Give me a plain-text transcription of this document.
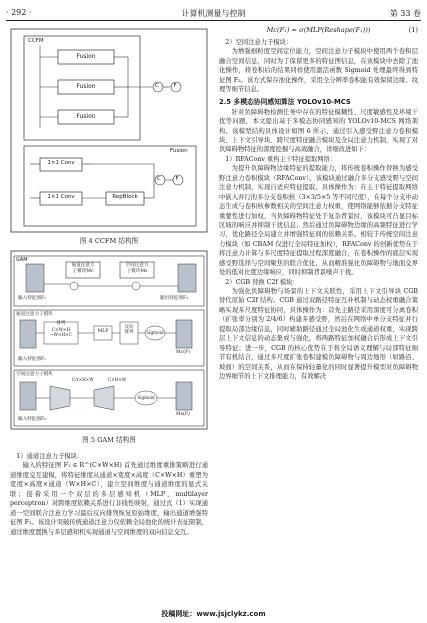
· 292 ·	计算机测量与控制	第 33 卷
CCFM
Fusion
Fusion
Fusion
C	F
Fusion
1×1 Conv
1×1 Conv	RepBlock
C	F
图 4 CCFM 结构图
GAM
通道注意力
子模块Mc
空间注意力
子模块Ms
输入特征图F₁	输出特征图F₃
通道注意力子模块
排列
C×W×H
→W×H×C
MLP
反向
排列	Sigmoid
Mc(F)
输入特征图F₁
空间注意力子模块
C/r×H×W	C×H×W
Sigmoid
Ms(F)
输入特征图F₂
图 5 GAM 结构图

1）通道注意力子模块：

输入的特征图 F₁ ∈ R^(C×W×H) 首先通过维度重排策略进行通道维度交互建模，将特征维度从通道×宽度×高度（C×W×H）重塑为宽度×高度×通道（W×H×C），建立空间维度与通道维度的显式关联；接着采用一个双层的多层感知机（MLP，multilayer perceptron）对跨维度依赖关系进行非线性映射，通过式（1）实现通道一空间联合注意力学习最后反向排列恢复原始维度，输出通道增强特征图 F₂。该设计突破传统通道注意力仅依赖全局池化的统计表征限制，通过维度置换与多层感知机实现通道与空间维度的双向信息交互。

Mc(F₁) = σ(MLP(Reshape(F₁)))	(1)

2）空间注意力子模块：

为增强细粒度空间定位能力，空间注意力子模块中使用两个卷积层融合空间信息，同时为了保留更多的特征图信息，在该模块中去除了池化操作，将卷积后的结果同样使用激活函数 Sigmoid 处理最终得到特征图 F₃。该方式保存池化操作，采用全分辨率卷积能有效保留边缘、纹理等细节信息。

2.5 多模态协同感知算法 YOLOv10-MCS

针对负障碍物检测任务中存在的特征模糊性、尺度敏感性及环境干扰等问题，本文提出基于多模态协同感知的 YOLOv10-MCS 网络架构。该模型结构具体设计如图 6 所示，通过引入感受野注意力卷积模块、上下文引导块、跨尺度特征融合模块及全局注意力机制，实现了对负障碍物特征的深度挖掘与高效融合，详细改进如下：

1）RFAConv 重构主干特征提取网络：

为提升负障碍物边缘特征的提取能力，将传统卷积操作替换为感受野注意力卷积模块（RFAConv）。该模块通过融合多分支感受野与空间注意力机制，实现自适应特征提取。具体操作为：在主干特征提取网络中嵌入并行的多分支卷积核（3×3/5×5 等不同尺度），在每个分支中动态生成与卷积核参数相关的空间注意力权重，使网络能够依据分支特征重要性进行加权，当负障碍物特征处于复杂背景时，该模块可凸显目标区域的响应并抑制干扰信息；然后通过负障碍物边缘的高频特征进行学习，优化路径全局建立并增强特征间的依赖关系。相较于传统空间注意力模块（如 CBAM 仅进行全局特征加权），RFAConv 的创新优势在于将注意力计算与多尺度特征提取过程深度融合，在卷积操作的底层实现感受野选择与空间聚焦的联合优化，从而精准强化负障碍物与地面交界处的低对比度边缘响应，同时抑制背景噪声干扰。

2）CGB 替换 C2f 模块：

为强化负障碍物与场景的上下文关联性，采用上下文引导块 CGB 替代原始 C2f 结构。CGB 通过双路径特征互补机制与动态权重融合策略实现多尺度特征协同，具体操作为：首先主路径采用深度可分离卷积（扩张率分别为 2/4/6）构建多感受野，然后在网络中单分支特征并行提取局部边缘信息，同时辅助路径通过全局池化生成通道权重，实现跨层上下文信息的动态集成与强化，将两路特征加权融合后形成上下文引导特征；进一步，CGB 的核心优势在于将全局语义理解与局部特征细节有机结合，通过多尺度扩张卷积建模负障碍物与周边地形（如路沿、坡面）的空间关系，从而在保持轻量化的同时显著提升模型对负障碍物边界细节的上下文推理能力，有效解决

投稿网址：www.jsjclykz.com
